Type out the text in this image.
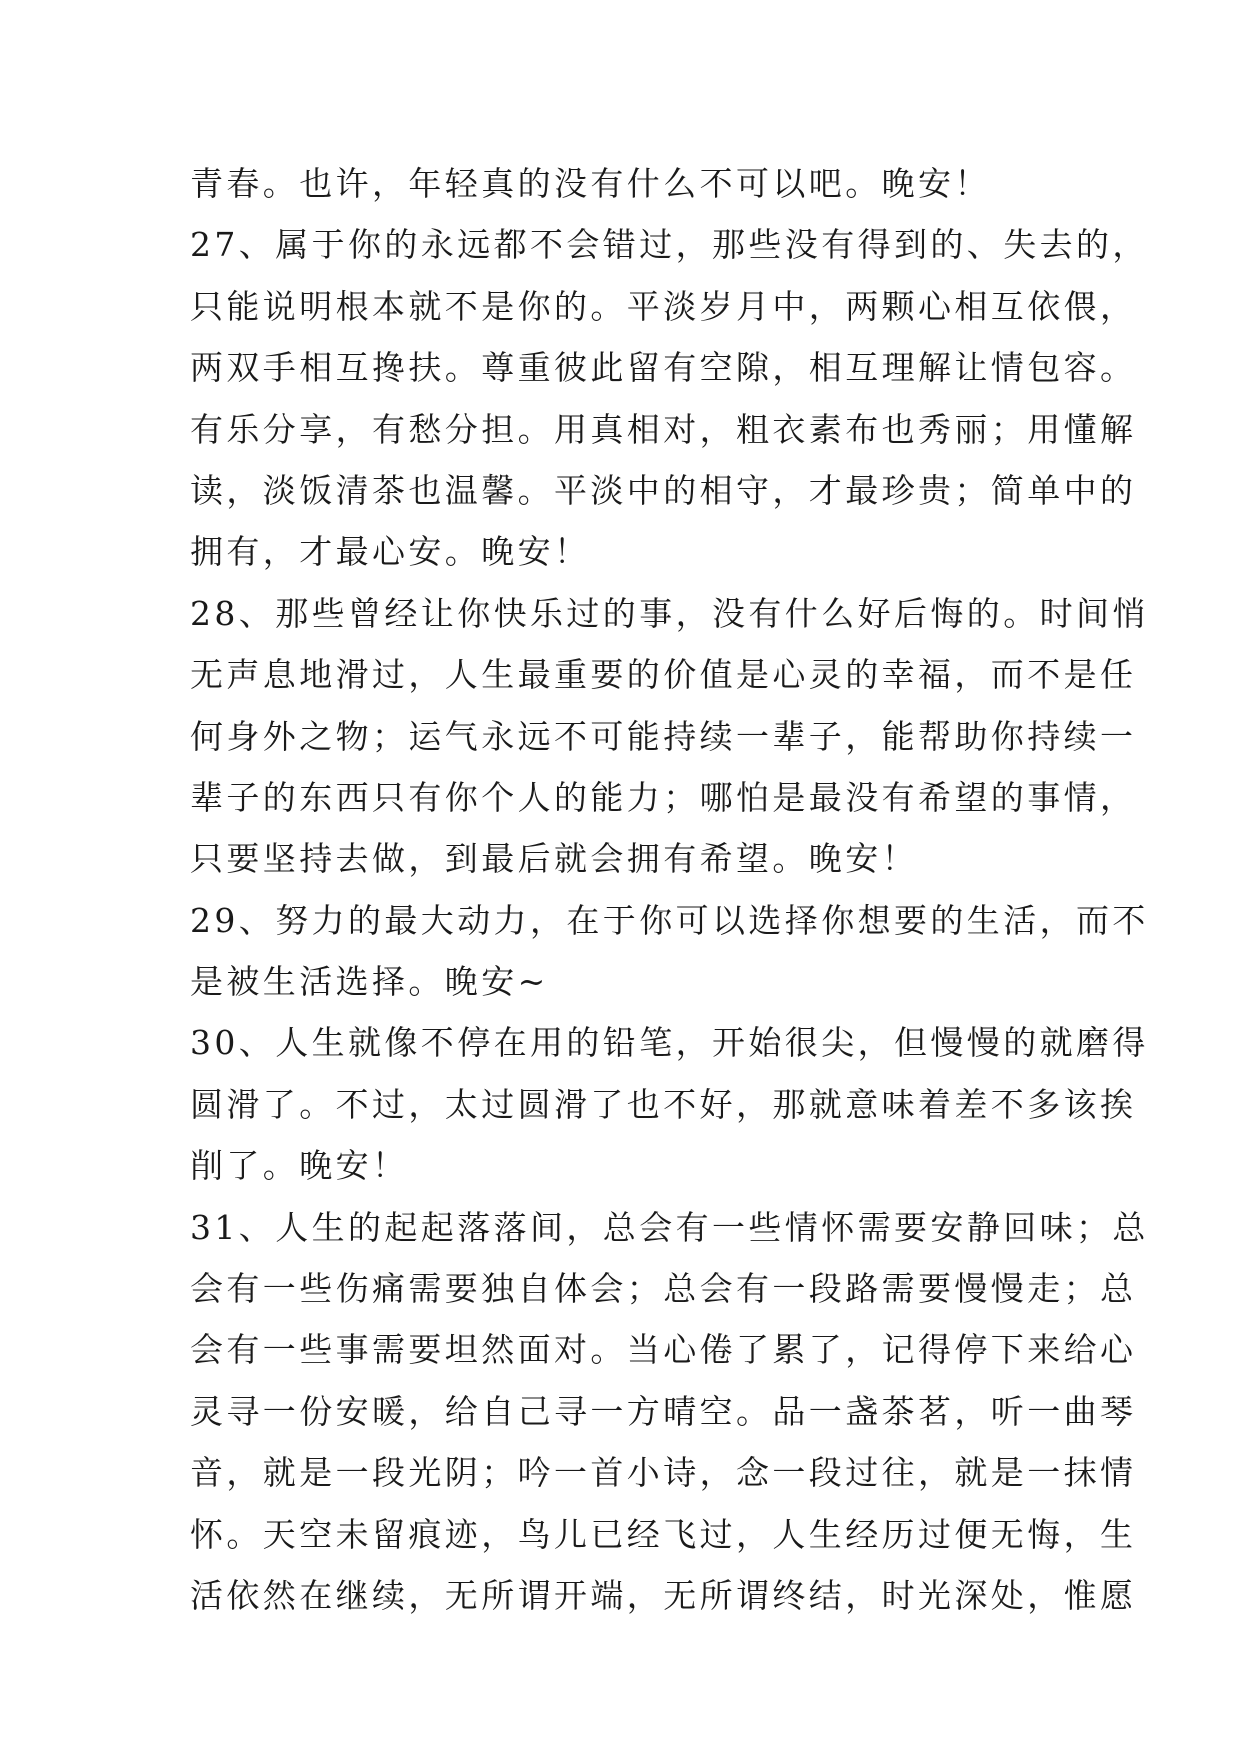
青春。也许，年轻真的没有什么不可以吧。晚安！
27、属于你的永远都不会错过，那些没有得到的、失去的，
只能说明根本就不是你的。平淡岁月中，两颗心相互依偎，
两双手相互搀扶。尊重彼此留有空隙，相互理解让情包容。
有乐分享，有愁分担。用真相对，粗衣素布也秀丽；用懂解
读，淡饭清茶也温馨。平淡中的相守，才最珍贵；简单中的
拥有，才最心安。晚安！
28、那些曾经让你快乐过的事，没有什么好后悔的。时间悄
无声息地滑过，人生最重要的价值是心灵的幸福，而不是任
何身外之物；运气永远不可能持续一辈子，能帮助你持续一
辈子的东西只有你个人的能力；哪怕是最没有希望的事情，
只要坚持去做，到最后就会拥有希望。晚安！
29、努力的最大动力，在于你可以选择你想要的生活，而不
是被生活选择。晚安~
30、人生就像不停在用的铅笔，开始很尖，但慢慢的就磨得
圆滑了。不过，太过圆滑了也不好，那就意味着差不多该挨
削了。晚安！
31、人生的起起落落间，总会有一些情怀需要安静回味；总
会有一些伤痛需要独自体会；总会有一段路需要慢慢走；总
会有一些事需要坦然面对。当心倦了累了，记得停下来给心
灵寻一份安暖，给自己寻一方晴空。品一盏茶茗，听一曲琴
音，就是一段光阴；吟一首小诗，念一段过往，就是一抹情
怀。天空未留痕迹，鸟儿已经飞过，人生经历过便无悔，生
活依然在继续，无所谓开端，无所谓终结，时光深处，惟愿
